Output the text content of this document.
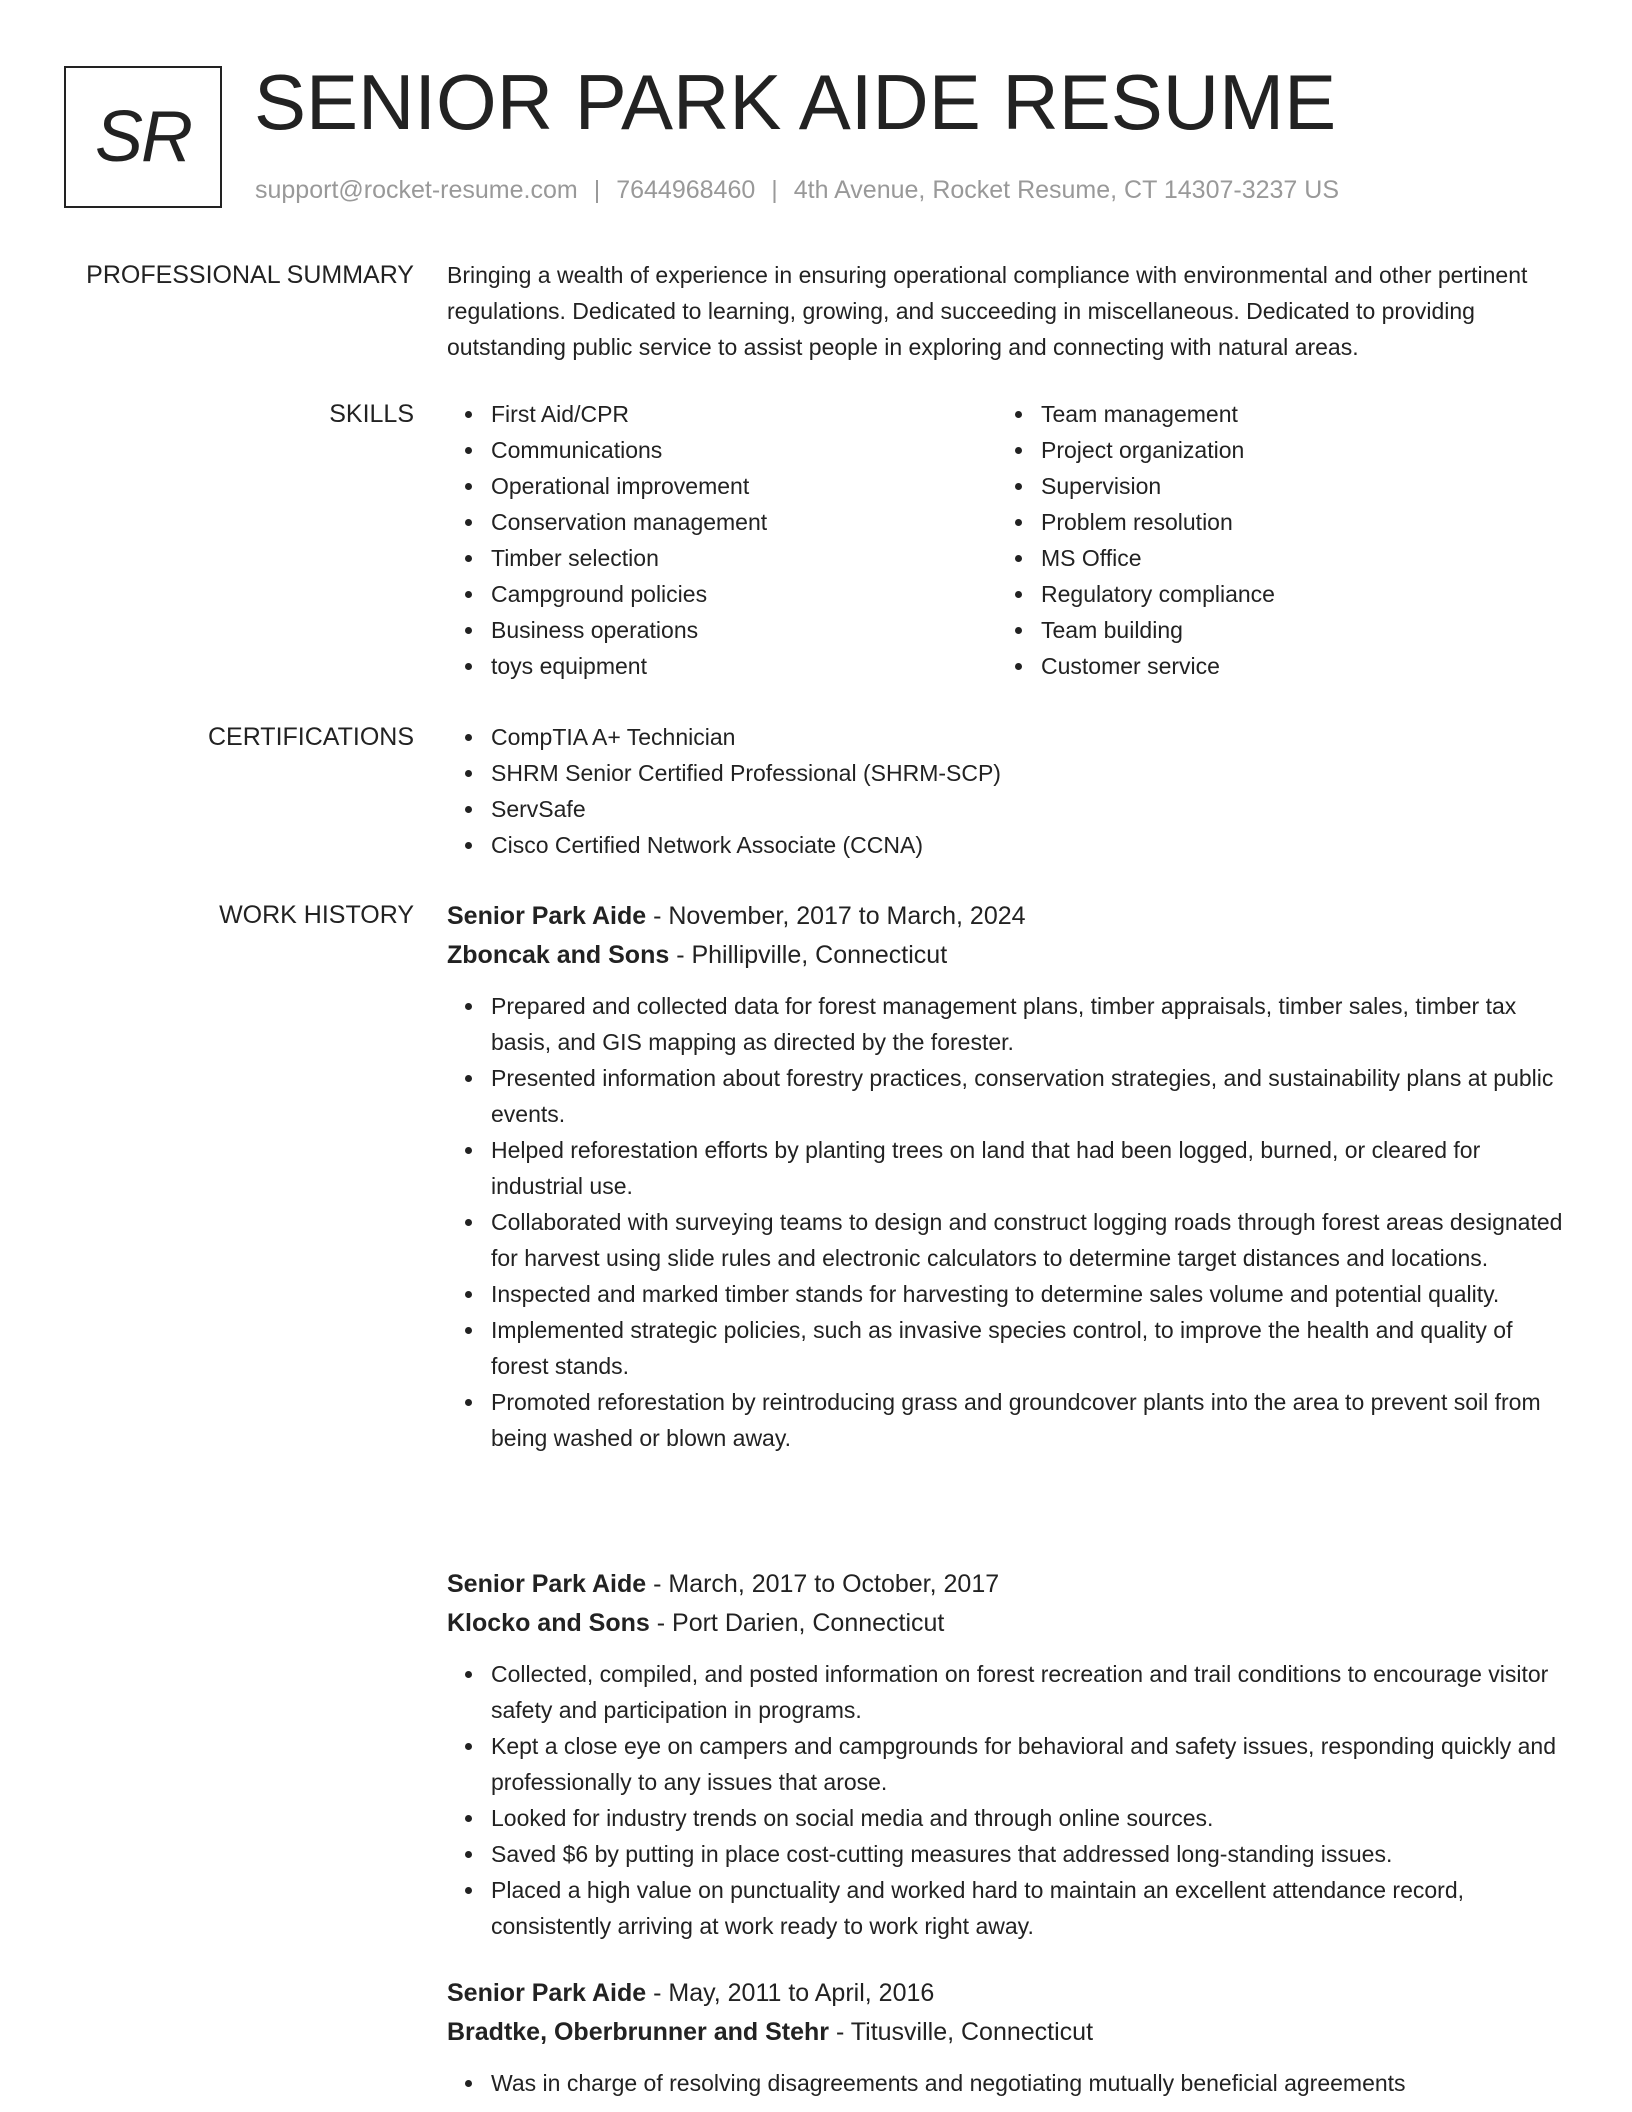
SR SENIOR PARK AIDE RESUME
support@rocket-resume.com | 7644968460 | 4th Avenue, Rocket Resume, CT 14307-3237 US
PROFESSIONAL SUMMARY Bringing a wealth of experience in ensuring operational compliance with environmental and other pertinent regulations. Dedicated to learning, growing, and succeeding in miscellaneous. Dedicated to providing outstanding public service to assist people in exploring and connecting with natural areas.

SKILLS	First Aid/CPR
Communications
Operational improvement
Conservation management
Timber selection
Campground policies
Business operations
toys equipment
Team management
Project organization
Supervision
Problem resolution
MS Office
Regulatory compliance
Team building
Customer service
CERTIFICATIONS	CompTIA A+ Technician
SHRM Senior Certified Professional (SHRM-SCP)
ServSafe
Cisco Certified Network Associate (CCNA)
WORK HISTORY Senior Park Aide - November, 2017 to March, 2024
Zboncak and Sons - Phillipville, Connecticut
Prepared and collected data for forest management plans, timber appraisals, timber sales, timber tax basis, and GIS mapping as directed by the forester.
Presented information about forestry practices, conservation strategies, and sustainability plans at public events.
Helped reforestation efforts by planting trees on land that had been logged, burned, or cleared for industrial use.
Collaborated with surveying teams to design and construct logging roads through forest areas designated for harvest using slide rules and electronic calculators to determine target distances and locations.
Inspected and marked timber stands for harvesting to determine sales volume and potential quality.
Implemented strategic policies, such as invasive species control, to improve the health and quality of forest stands.
Promoted reforestation by reintroducing grass and groundcover plants into the area to prevent soil from being washed or blown away.
Senior Park Aide - March, 2017 to October, 2017
Klocko and Sons - Port Darien, Connecticut
Collected, compiled, and posted information on forest recreation and trail conditions to encourage visitor safety and participation in programs.
Kept a close eye on campers and campgrounds for behavioral and safety issues, responding quickly and professionally to any issues that arose.
Looked for industry trends on social media and through online sources.
Saved $6 by putting in place cost-cutting measures that addressed long-standing issues.
Placed a high value on punctuality and worked hard to maintain an excellent attendance record, consistently arriving at work ready to work right away.
Senior Park Aide - May, 2011 to April, 2016
Bradtke, Oberbrunner and Stehr - Titusville, Connecticut
Was in charge of resolving disagreements and negotiating mutually beneficial agreements
